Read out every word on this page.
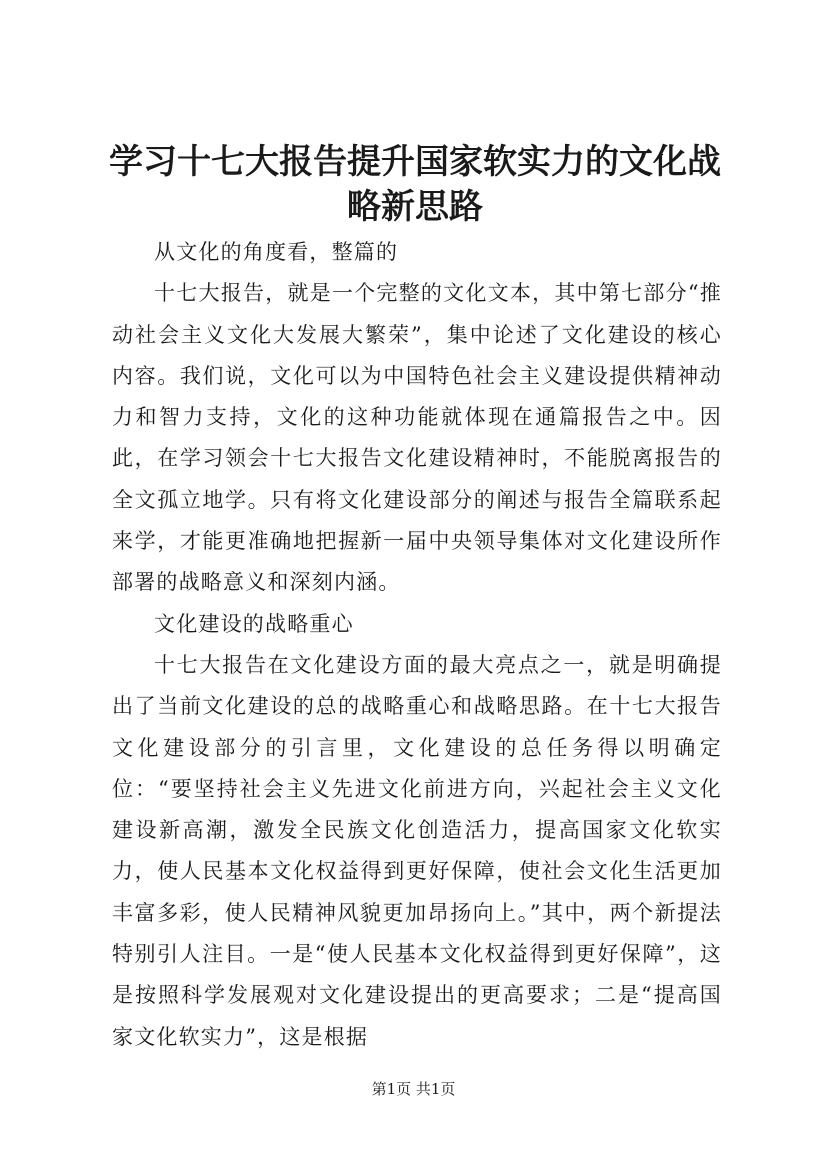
学习十七大报告提升国家软实力的文化战略新思路

从文化的角度看，整篇的

十七大报告，就是一个完整的文化文本，其中第七部分“推动社会主义文化大发展大繁荣”，集中论述了文化建设的核心内容。我们说，文化可以为中国特色社会主义建设提供精神动力和智力支持，文化的这种功能就体现在通篇报告之中。因此，在学习领会十七大报告文化建设精神时，不能脱离报告的全文孤立地学。只有将文化建设部分的阐述与报告全篇联系起来学，才能更准确地把握新一届中央领导集体对文化建设所作部署的战略意义和深刻内涵。

文化建设的战略重心

十七大报告在文化建设方面的最大亮点之一，就是明确提出了当前文化建设的总的战略重心和战略思路。在十七大报告文化建设部分的引言里，文化建设的总任务得以明确定位：“要坚持社会主义先进文化前进方向，兴起社会主义文化建设新高潮，激发全民族文化创造活力，提高国家文化软实力，使人民基本文化权益得到更好保障，使社会文化生活更加丰富多彩，使人民精神风貌更加昂扬向上。”其中，两个新提法特别引人注目。一是“使人民基本文化权益得到更好保障”，这是按照科学发展观对文化建设提出的更高要求；二是“提高国家文化软实力”，这是根据

第1页 共1页
